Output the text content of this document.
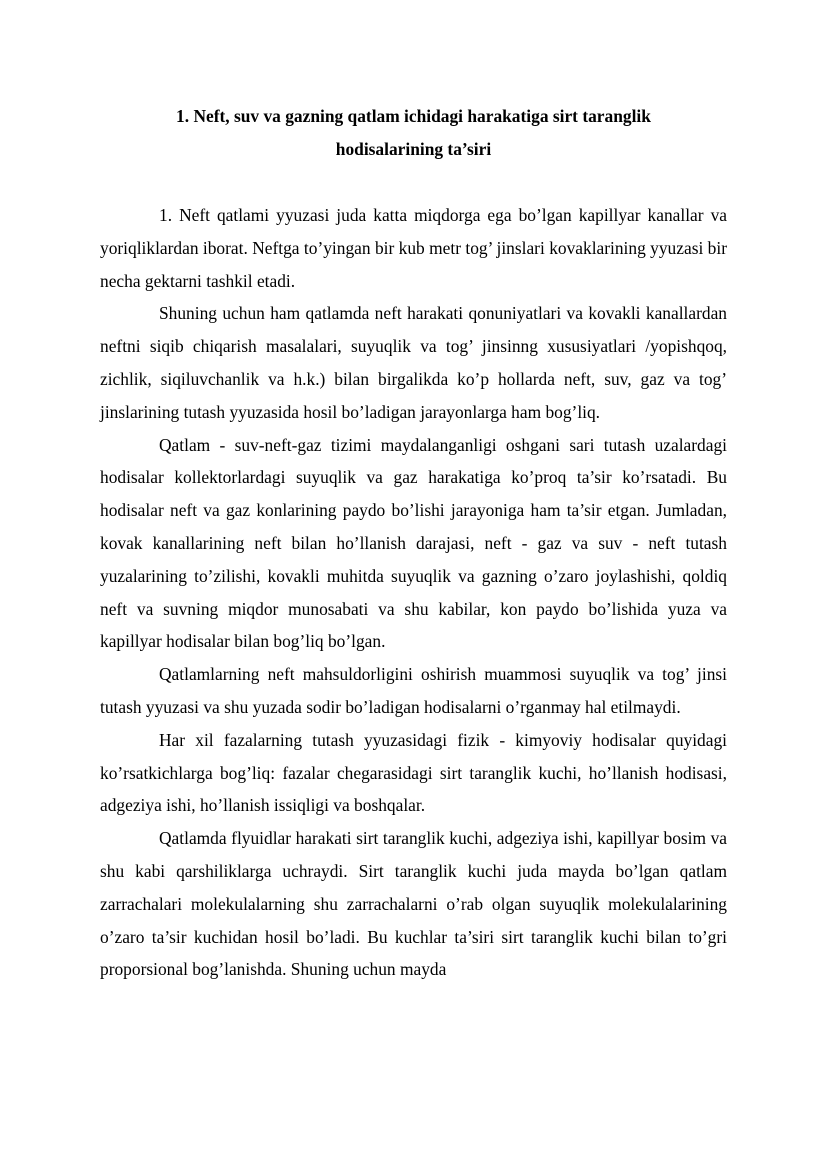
1. Neft, suv va gazning qatlam ichidagi harakatiga sirt taranglik
hodisalarining ta’siri

1. Neft qatlami yyuzasi juda katta miqdorga ega bo’lgan kapillyar kanallar va yoriqliklardan iborat. Neftga to’yingan bir kub metr tog’ jinslari kovaklarining yyuzasi bir necha gektarni tashkil etadi.

Shuning uchun ham qatlamda neft harakati qonuniyatlari va kovakli kanallardan neftni siqib chiqarish masalalari, suyuqlik va tog’ jinsinng xususiyatlari /yopishqoq, zichlik, siqiluvchanlik va h.k.) bilan birgalikda ko’p hollarda neft, suv, gaz va tog’ jinslarining tutash yyuzasida hosil bo’ladigan jarayonlarga ham bog’liq.

Qatlam - suv-neft-gaz tizimi maydalanganligi oshgani sari tutash uzalardagi hodisalar kollektorlardagi suyuqlik va gaz harakatiga ko’proq ta’sir ko’rsatadi. Bu hodisalar neft va gaz konlarining paydo bo’lishi jarayoniga ham ta’sir etgan. Jumladan, kovak kanallarining neft bilan ho’llanish darajasi, neft - gaz va suv - neft tutash yuzalarining to’zilishi, kovakli muhitda suyuqlik va gazning o’zaro joylashishi, qoldiq neft va suvning miqdor munosabati va shu kabilar, kon paydo bo’lishida yuza va kapillyar hodisalar bilan bog’liq bo’lgan.

Qatlamlarning neft mahsuldorligini oshirish muammosi suyuqlik va tog’ jinsi tutash yyuzasi va shu yuzada sodir bo’ladigan hodisalarni o’rganmay hal etilmaydi.

Har xil fazalarning tutash yyuzasidagi fizik - kimyoviy hodisalar quyidagi ko’rsatkichlarga bog’liq: fazalar chegarasidagi sirt taranglik kuchi, ho’llanish hodisasi, adgeziya ishi, ho’llanish issiqligi va boshqalar.

Qatlamda flyuidlar harakati sirt taranglik kuchi, adgeziya ishi, kapillyar bosim va shu kabi qarshiliklarga uchraydi. Sirt taranglik kuchi juda mayda bo’lgan qatlam zarrachalari molekulalarning shu zarrachalarni o’rab olgan suyuqlik molekulalarining o’zaro ta’sir kuchidan hosil bo’ladi. Bu kuchlar ta’siri sirt taranglik kuchi bilan to’gri proporsional bog’lanishda. Shuning uchun mayda
